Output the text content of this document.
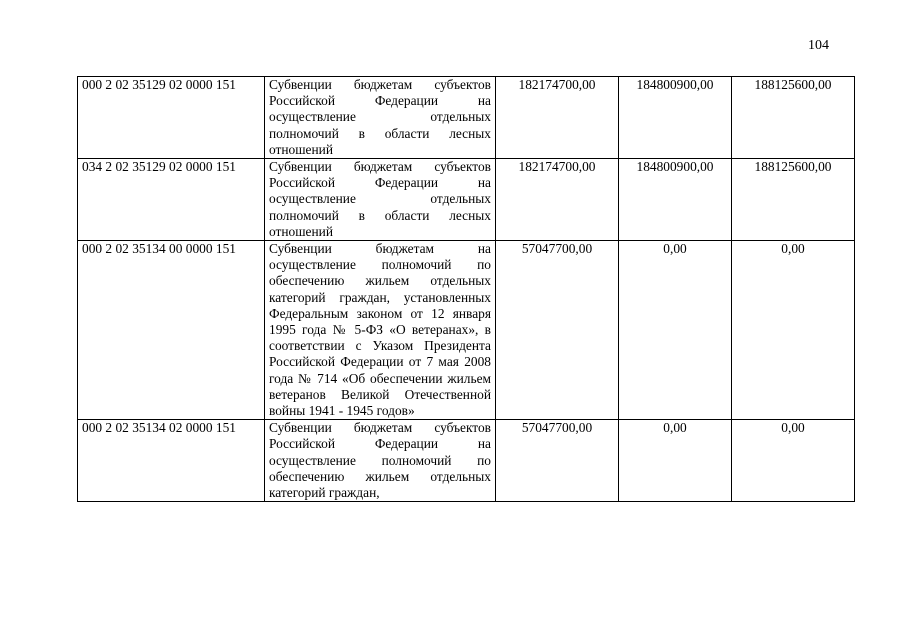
104
000 2 02 35129 02 0000 151	Субвенции бюджетам субъектов Российской Федерации на осуществление отдельных полномочий в области лесных отношений	182174700,00	184800900,00	188125600,00
034 2 02 35129 02 0000 151	Субвенции бюджетам субъектов Российской Федерации на осуществление отдельных полномочий в области лесных отношений	182174700,00	184800900,00	188125600,00
000 2 02 35134 00 0000 151	Субвенции бюджетам на осуществление полномочий по обеспечению жильем отдельных категорий граждан, установленных Федеральным законом от 12 января 1995 года № 5-ФЗ «О ветеранах», в соответствии с Указом Президента Российской Федерации от 7 мая 2008 года № 714 «Об обеспечении жильем ветеранов Великой Отечественной войны 1941 - 1945 годов»	57047700,00	0,00	0,00
000 2 02 35134 02 0000 151	Субвенции бюджетам субъектов Российской Федерации на осуществление полномочий по обеспечению жильем отдельных категорий граждан,	57047700,00	0,00	0,00
